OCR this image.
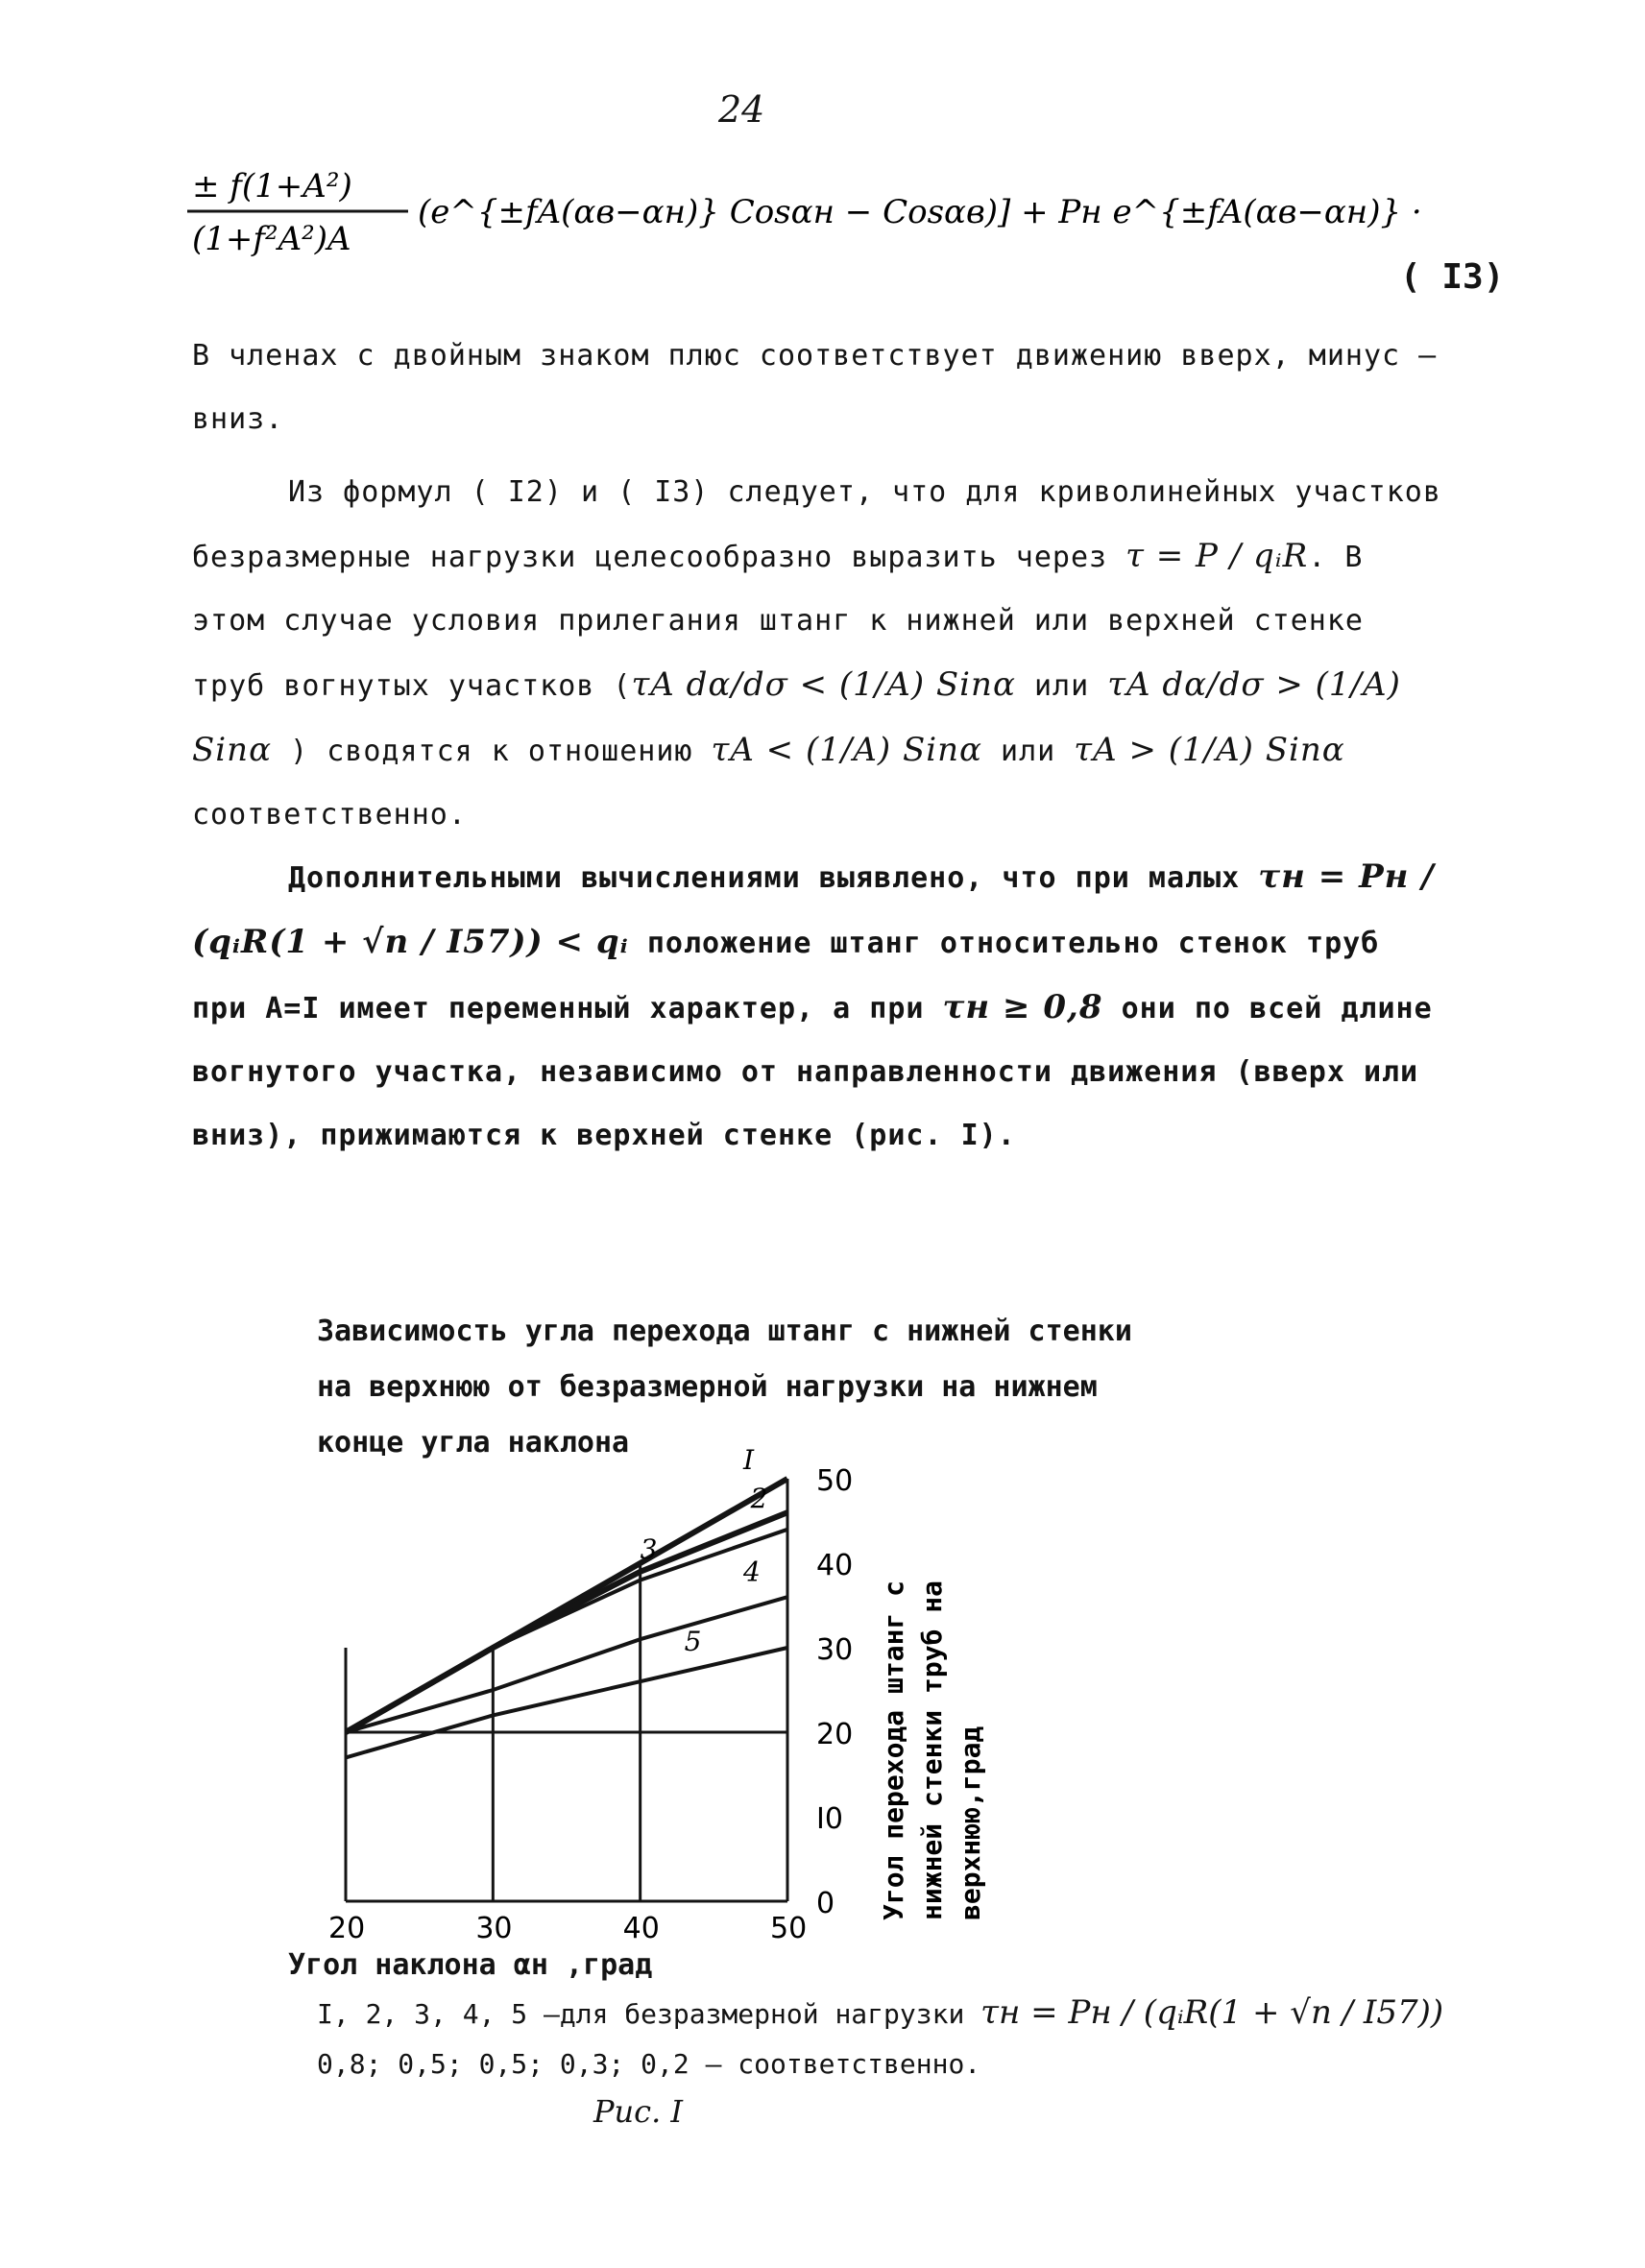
24
± f(1+A²)
(1+f²A²)A
(e^{±fA(αв−αн)} Cosαн − Cosαв)] + Pн e^{±fA(αв−αн)} ·
( I3)
В членах с двойным знаком плюс соответствует движению вверх, минус – вниз.
Из формул ( I2) и ( I3) следует, что для криволинейных участков безразмерные нагрузки целесообразно выразить через τ = P / qᵢR. В этом случае условия прилегания штанг к нижней или верхней стенке труб вогнутых участков (τA dα/dσ < (1/A) Sinα или τA dα/dσ > (1/A) Sinα ) сводятся к отношению τA < (1/A) Sinα или τA > (1/A) Sinα соответственно.
Дополнительными вычислениями выявлено, что при малых τн = Pн / (qᵢR(1 + √n / I57)) < qᵢ положение штанг относительно стенок труб при A=I имеет переменный характер, а при τн ≥ 0,8 они по всей длине вогнутого участка, независимо от направленности движения (вверх или вниз), прижимаются к верхней стенке (рис. I).
Зависимость угла перехода штанг с нижней стенки
на верхнюю от безразмерной нагрузки на нижнем
конце угла наклона
20	30	40	50
0
I0
20
30
40
50
I
2
3
4
5	Угол перехода штанг с нижней стенки труб на верхнюю,град
Угол наклона αн ,град
I, 2, 3, 4, 5 –для безразмерной нагрузки τн = Pн / (qᵢR(1 + √n / I57))
0,8; 0,5; 0,5; 0,3; 0,2 – соответственно.
Рис. I
